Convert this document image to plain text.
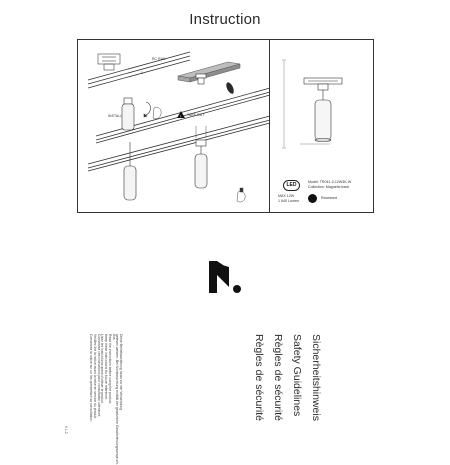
Instruction
!
RC RAIL
1
2
INSTALL	TAKE OUT
LED
MAX 12W
1 840 Lumen
Model: TR041-2-12W3K-W
Collection: Magnetic track
Recessed
Sicherheitshinweis
Safety Guidelines
Règles de sécurité
Règles de sécurité
Diese Betriebsanleitung muss vor der Verwendung
gelesen werden. Bei Nichtbeachtung entfällt der gesetzliche Gewährleistungsanspruch.
aus.
Read the instructions before using the product.
Keep these instructions for future reference.
Lisez les instructions avant d'utiliser le produit.
Conservez ces instructions pour consultation ultérieure.
Veuillez lire la notice avant la mise en service du produit.
Conservez la notice sur un lieu permettant sa consultation.
# 1-2
